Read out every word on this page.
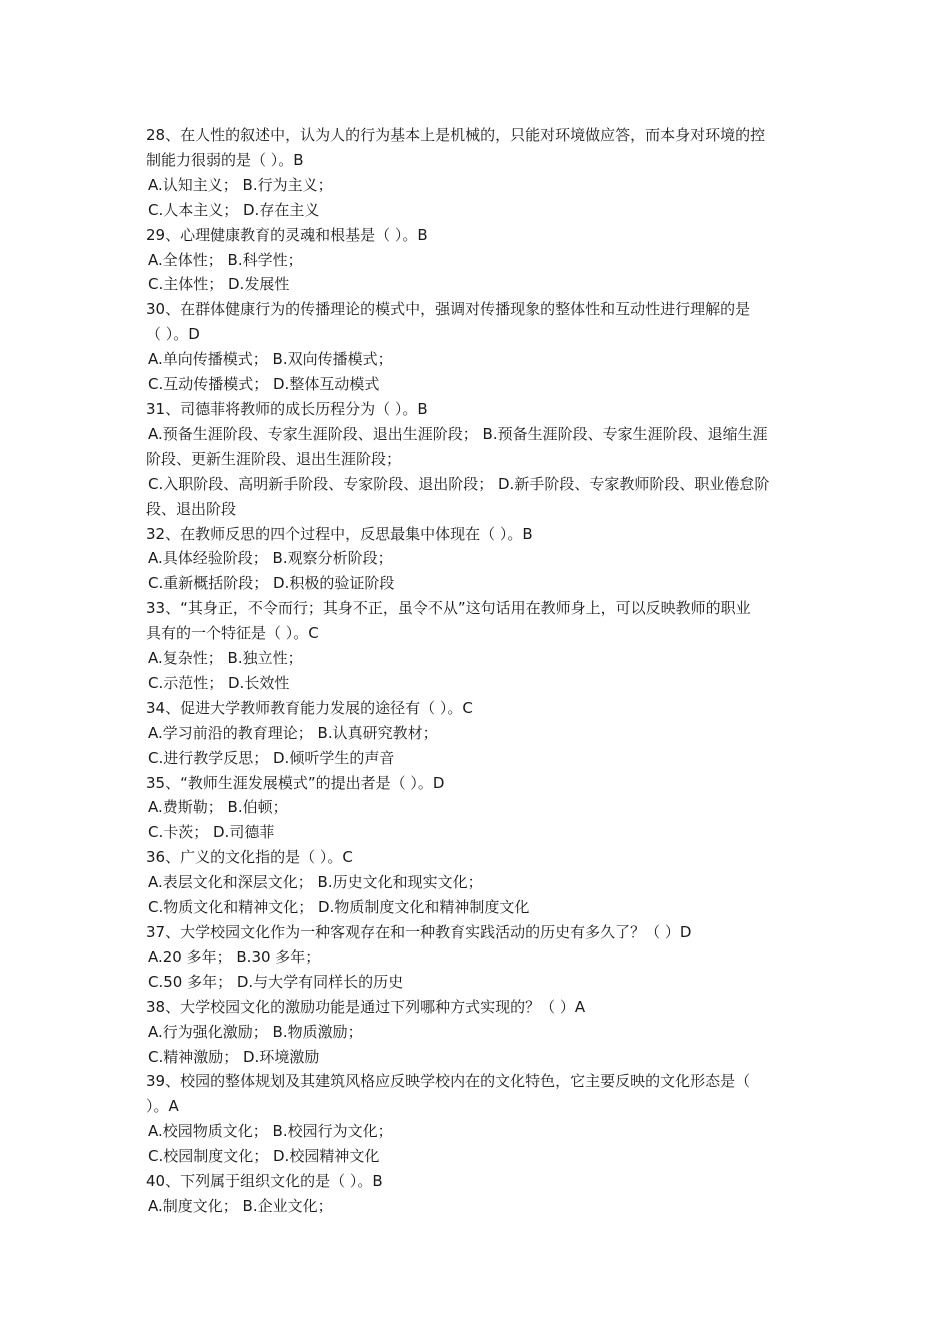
28、在人性的叙述中，认为人的行为基本上是机械的，只能对环境做应答，而本身对环境的控
制能力很弱的是（ ）。B
A.认知主义； B.行为主义；
C.人本主义； D.存在主义
29、心理健康教育的灵魂和根基是（ ）。B
A.全体性； B.科学性；
C.主体性； D.发展性
30、在群体健康行为的传播理论的模式中，强调对传播现象的整体性和互动性进行理解的是
（ ）。D
A.单向传播模式； B.双向传播模式；
C.互动传播模式； D.整体互动模式
31、司德菲将教师的成长历程分为（ ）。B
A.预备生涯阶段、专家生涯阶段、退出生涯阶段； B.预备生涯阶段、专家生涯阶段、退缩生涯
阶段、更新生涯阶段、退出生涯阶段；
C.入职阶段、高明新手阶段、专家阶段、退出阶段； D.新手阶段、专家教师阶段、职业倦怠阶
段、退出阶段
32、在教师反思的四个过程中，反思最集中体现在（ ）。B
A.具体经验阶段； B.观察分析阶段；
C.重新概括阶段； D.积极的验证阶段
33、“其身正，不令而行；其身不正，虽令不从”这句话用在教师身上，可以反映教师的职业
具有的一个特征是（ ）。C
A.复杂性； B.独立性；
C.示范性； D.长效性
34、促进大学教师教育能力发展的途径有（ ）。C
A.学习前沿的教育理论； B.认真研究教材；
C.进行教学反思； D.倾听学生的声音
35、“教师生涯发展模式”的提出者是（ ）。D
A.费斯勒； B.伯顿；
C.卡茨； D.司德菲
36、广义的文化指的是（ ）。C
A.表层文化和深层文化； B.历史文化和现实文化；
C.物质文化和精神文化； D.物质制度文化和精神制度文化
37、大学校园文化作为一种客观存在和一种教育实践活动的历史有多久了？（ ）D
A.20 多年； B.30 多年；
C.50 多年； D.与大学有同样长的历史
38、大学校园文化的激励功能是通过下列哪种方式实现的？（ ）A
A.行为强化激励； B.物质激励；
C.精神激励； D.环境激励
39、校园的整体规划及其建筑风格应反映学校内在的文化特色，它主要反映的文化形态是（
）。A
A.校园物质文化； B.校园行为文化；
C.校园制度文化； D.校园精神文化
40、下列属于组织文化的是（ ）。B
A.制度文化； B.企业文化；
